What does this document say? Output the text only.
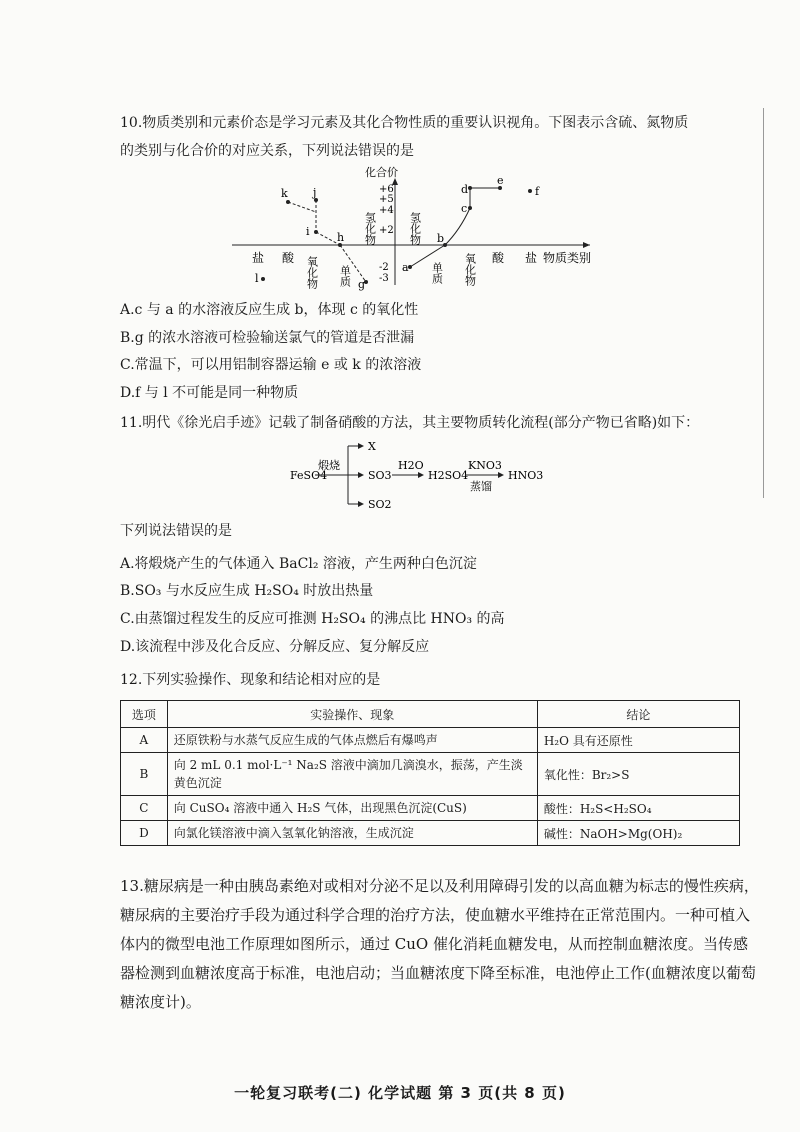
10.物质类别和元素价态是学习元素及其化合物性质的重要认识视角。下图表示含硫、氮物质
的类别与化合价的对应关系，下列说法错误的是
化合价
+6
+5
+4
+2
-2
-3
氢化物	氢化物
盐 酸 氧化物 单质	单质 氧化物 酸 盐 物质类别
k j
i h
g
l
a
b
c
d
e
f
A.c 与 a 的水溶液反应生成 b，体现 c 的氧化性
B.g 的浓水溶液可检验输送氯气的管道是否泄漏
C.常温下，可以用铝制容器运输 e 或 k 的浓溶液
D.f 与 l 不可能是同一种物质
11.明代《徐光启手迹》记载了制备硝酸的方法，其主要物质转化流程(部分产物已省略)如下：
FeSO4
煅烧
X
SO3
SO2
H2O
H2SO4
KNO3
蒸馏
HNO3
下列说法错误的是
A.将煅烧产生的气体通入 BaCl₂ 溶液，产生两种白色沉淀
B.SO₃ 与水反应生成 H₂SO₄ 时放出热量
C.由蒸馏过程发生的反应可推测 H₂SO₄ 的沸点比 HNO₃ 的高
D.该流程中涉及化合反应、分解反应、复分解反应
12.下列实验操作、现象和结论相对应的是
选项	实验操作、现象	结论
A	还原铁粉与水蒸气反应生成的气体点燃后有爆鸣声	H₂O 具有还原性
B	向 2 mL 0.1 mol·L⁻¹ Na₂S 溶液中滴加几滴溴水，振荡，产生淡黄色沉淀	氧化性：Br₂>S
C	向 CuSO₄ 溶液中通入 H₂S 气体，出现黑色沉淀(CuS)	酸性：H₂S<H₂SO₄
D	向氯化镁溶液中滴入氢氧化钠溶液，生成沉淀	碱性：NaOH>Mg(OH)₂
13.糖尿病是一种由胰岛素绝对或相对分泌不足以及利用障碍引发的以高血糖为标志的慢性疾病，糖尿病的主要治疗手段为通过科学合理的治疗方法，使血糖水平维持在正常范围内。一种可植入体内的微型电池工作原理如图所示，通过 CuO 催化消耗血糖发电，从而控制血糖浓度。当传感器检测到血糖浓度高于标准，电池启动；当血糖浓度下降至标准，电池停止工作(血糖浓度以葡萄糖浓度计)。
一轮复习联考(二) 化学试题 第 3 页(共 8 页)
